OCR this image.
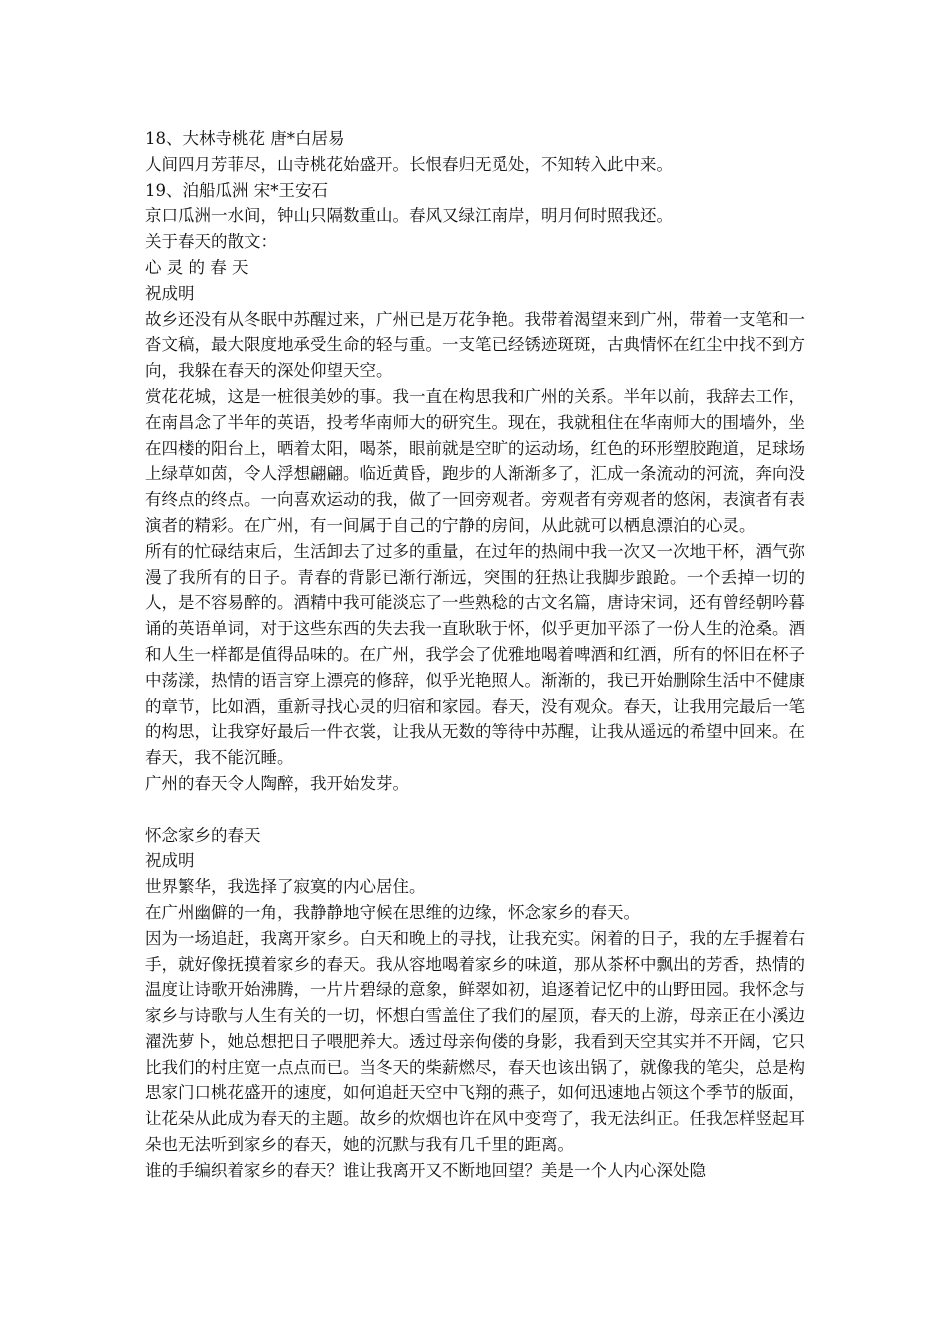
18、大林寺桃花 唐*白居易

人间四月芳菲尽，山寺桃花始盛开。长恨春归无觅处，不知转入此中来。

19、泊船瓜洲 宋*王安石

京口瓜洲一水间，钟山只隔数重山。春风又绿江南岸，明月何时照我还。

关于春天的散文：

心 灵 的 春 天

祝成明

故乡还没有从冬眠中苏醒过来，广州已是万花争艳。我带着渴望来到广州，带着一支笔和一沓文稿，最大限度地承受生命的轻与重。一支笔已经锈迹斑斑，古典情怀在红尘中找不到方向，我躲在春天的深处仰望天空。

赏花花城，这是一桩很美妙的事。我一直在构思我和广州的关系。半年以前，我辞去工作，在南昌念了半年的英语，投考华南师大的研究生。现在，我就租住在华南师大的围墙外，坐在四楼的阳台上，晒着太阳，喝茶，眼前就是空旷的运动场，红色的环形塑胶跑道，足球场上绿草如茵，令人浮想翩翩。临近黄昏，跑步的人渐渐多了，汇成一条流动的河流，奔向没有终点的终点。一向喜欢运动的我，做了一回旁观者。旁观者有旁观者的悠闲，表演者有表演者的精彩。在广州，有一间属于自己的宁静的房间，从此就可以栖息漂泊的心灵。

所有的忙碌结束后，生活卸去了过多的重量，在过年的热闹中我一次又一次地干杯，酒气弥漫了我所有的日子。青春的背影已渐行渐远，突围的狂热让我脚步踉跄。一个丢掉一切的人，是不容易醉的。酒精中我可能淡忘了一些熟稔的古文名篇，唐诗宋词，还有曾经朝吟暮诵的英语单词，对于这些东西的失去我一直耿耿于怀，似乎更加平添了一份人生的沧桑。酒和人生一样都是值得品味的。在广州，我学会了优雅地喝着啤酒和红酒，所有的怀旧在杯子中荡漾，热情的语言穿上漂亮的修辞，似乎光艳照人。渐渐的，我已开始删除生活中不健康的章节，比如酒，重新寻找心灵的归宿和家园。春天，没有观众。春天，让我用完最后一笔的构思，让我穿好最后一件衣裳，让我从无数的等待中苏醒，让我从遥远的希望中回来。在春天，我不能沉睡。

广州的春天令人陶醉，我开始发芽。

怀念家乡的春天

祝成明

世界繁华，我选择了寂寞的内心居住。

在广州幽僻的一角，我静静地守候在思维的边缘，怀念家乡的春天。

因为一场追赶，我离开家乡。白天和晚上的寻找，让我充实。闲着的日子，我的左手握着右手，就好像抚摸着家乡的春天。我从容地喝着家乡的味道，那从茶杯中飘出的芳香，热情的温度让诗歌开始沸腾，一片片碧绿的意象，鲜翠如初，追逐着记忆中的山野田园。我怀念与家乡与诗歌与人生有关的一切，怀想白雪盖住了我们的屋顶，春天的上游，母亲正在小溪边濯洗萝卜，她总想把日子喂肥养大。透过母亲佝偻的身影，我看到天空其实并不开阔，它只比我们的村庄宽一点点而已。当冬天的柴薪燃尽，春天也该出锅了，就像我的笔尖，总是构思家门口桃花盛开的速度，如何追赶天空中飞翔的燕子，如何迅速地占领这个季节的版面，让花朵从此成为春天的主题。故乡的炊烟也许在风中变弯了，我无法纠正。任我怎样竖起耳朵也无法听到家乡的春天，她的沉默与我有几千里的距离。

谁的手编织着家乡的春天？谁让我离开又不断地回望？美是一个人内心深处隐
